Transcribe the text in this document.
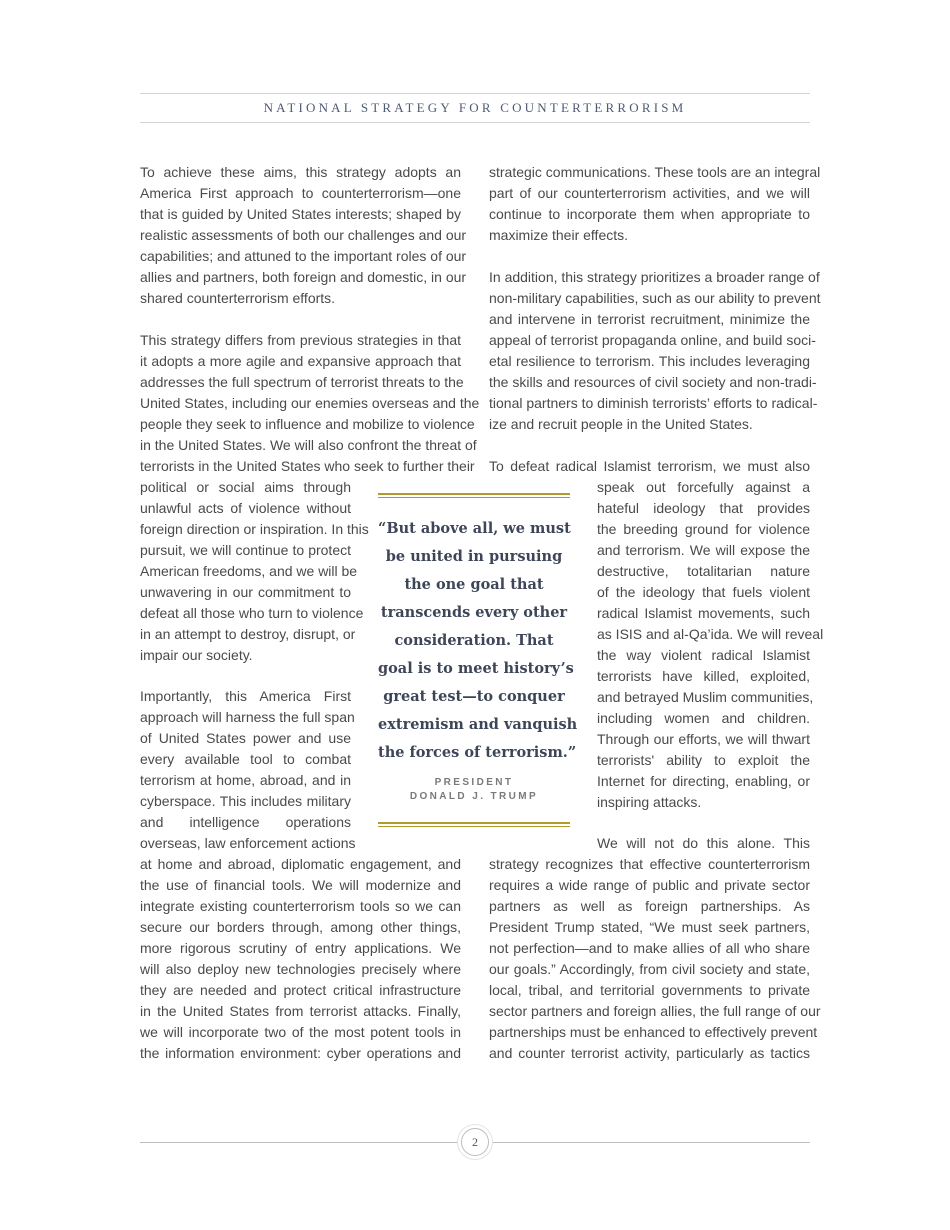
NATIONAL STRATEGY FOR COUNTERTERRORISM
To achieve these aims, this strategy adopts an
America First approach to counterterrorism—one
that is guided by United States interests; shaped by
realistic assessments of both our challenges and our
capabilities; and attuned to the important roles of our
allies and partners, both foreign and domestic, in our
shared counterterrorism efforts.
This strategy differs from previous strategies in that
it adopts a more agile and expansive approach that
addresses the full spectrum of terrorist threats to the
United States, including our enemies overseas and the
people they seek to influence and mobilize to violence
in the United States. We will also confront the threat of
terrorists in the United States who seek to further their
political or social aims through
unlawful acts of violence without
foreign direction or inspiration. In this
pursuit, we will continue to protect
American freedoms, and we will be
unwavering in our commitment to
defeat all those who turn to violence
in an attempt to destroy, disrupt, or
impair our society.
Importantly, this America First
approach will harness the full span
of United States power and use
every available tool to combat
terrorism at home, abroad, and in
cyberspace. This includes military
and intelligence operations
overseas, law enforcement actions
at home and abroad, diplomatic engagement, and
the use of financial tools. We will modernize and
integrate existing counterterrorism tools so we can
secure our borders through, among other things,
more rigorous scrutiny of entry applications. We
will also deploy new technologies precisely where
they are needed and protect critical infrastructure
in the United States from terrorist attacks. Finally,
we will incorporate two of the most potent tools in
the information environment: cyber operations and
strategic communications. These tools are an integral
part of our counterterrorism activities, and we will
continue to incorporate them when appropriate to
maximize their effects.
In addition, this strategy prioritizes a broader range of
non-military capabilities, such as our ability to prevent
and intervene in terrorist recruitment, minimize the
appeal of terrorist propaganda online, and build soci-
etal resilience to terrorism. This includes leveraging
the skills and resources of civil society and non-tradi-
tional partners to diminish terrorists’ efforts to radical-
ize and recruit people in the United States.
To defeat radical Islamist terrorism, we must also
speak out forcefully against a
hateful ideology that provides
the breeding ground for violence
and terrorism. We will expose the
destructive, totalitarian nature
of the ideology that fuels violent
radical Islamist movements, such
as ISIS and al-Qa’ida. We will reveal
the way violent radical Islamist
terrorists have killed, exploited,
and betrayed Muslim communities,
including women and children.
Through our efforts, we will thwart
terrorists' ability to exploit the
Internet for directing, enabling, or
inspiring attacks.
We will not do this alone. This
strategy recognizes that effective counterterrorism
requires a wide range of public and private sector
partners as well as foreign partnerships. As
President Trump stated, “We must seek partners,
not perfection—and to make allies of all who share
our goals.” Accordingly, from civil society and state,
local, tribal, and territorial governments to private
sector partners and foreign allies, the full range of our
partnerships must be enhanced to effectively prevent
and counter terrorist activity, particularly as tactics
“But above all, we must
be united in pursuing
the one goal that
transcends every other
consideration. That
goal is to meet history’s
great test—to conquer
extremism and vanquish
the forces of terrorism.”
PRESIDENT
DONALD J. TRUMP
2
